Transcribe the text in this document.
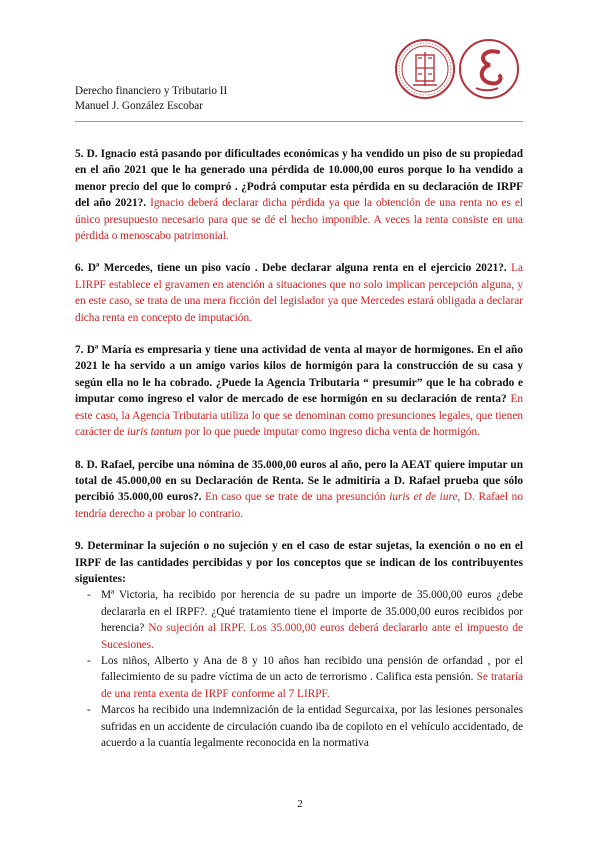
Derecho financiero y Tributario II
Manuel J. González Escobar

5. D. Ignacio está pasando por dificultades económicas y ha vendido un piso de su propiedad en el año 2021 que le ha generado una pérdida de 10.000,00 euros porque lo ha vendido a menor precio del que lo compró . ¿Podrá computar esta pérdida en su declaración de IRPF del año 2021?. Ignacio deberá declarar dicha pérdida ya que la obtención de una renta no es el único presupuesto necesario para que se dé el hecho imponible. A veces la renta consiste en una pérdida o menoscabo patrimonial.

6. Dª Mercedes, tiene un piso vacío . Debe declarar alguna renta en el ejercicio 2021?. La LIRPF establece el gravamen en atención a situaciones que no solo implican percepción alguna, y en este caso, se trata de una mera ficción del legislador ya que Mercedes estará obligada a declarar dicha renta en concepto de imputación.

7. Dª María es empresaria y tiene una actividad de venta al mayor de hormigones. En el año 2021 le ha servido a un amigo varios kilos de hormigón para la construcción de su casa y según ella no le ha cobrado. ¿Puede la Agencia Tributaria “ presumir” que le ha cobrado e imputar como ingreso el valor de mercado de ese hormigón en su declaración de renta? En este caso, la Agencia Tributaria utiliza lo que se denominan como presunciones legales, que tienen carácter de iuris tantum por lo que puede imputar como ingreso dicha venta de hormigón.

8. D. Rafael, percibe una nómina de 35.000,00 euros al año, pero la AEAT quiere imputar un total de 45.000,00 en su Declaración de Renta. Se le admitiría a D. Rafael prueba que sólo percibió 35.000,00 euros?. En caso que se trate de una presunción iuris et de iure, D. Rafael no tendría derecho a probar lo contrario.

9. Determinar la sujeción o no sujeción y en el caso de estar sujetas, la exención o no en el IRPF de las cantidades percibidas y por los conceptos que se indican de los contribuyentes siguientes:
- Mª Victoria, ha recibido por herencia de su padre un importe de 35.000,00 euros ¿debe declararla en el IRPF?. ¿Qué tratamiento tiene el importe de 35.000,00 euros recibidos por herencia? No sujeción al IRPF. Los 35.000,00 euros deberá declararlo ante el impuesto de Sucesiones.
- Los niños, Alberto y Ana de 8 y 10 años han recibido una pensión de orfandad , por el fallecimiento de su padre víctima de un acto de terrorismo . Califica esta pensión. Se trataría de una renta exenta de IRPF conforme al 7 LIRPF.
- Marcos ha recibido una indemnización de la entidad Segurcaixa, por las lesiones personales sufridas en un accidente de circulación cuando iba de copiloto en el vehículo accidentado, de acuerdo a la cuantía legalmente reconocida en la normativa
2
